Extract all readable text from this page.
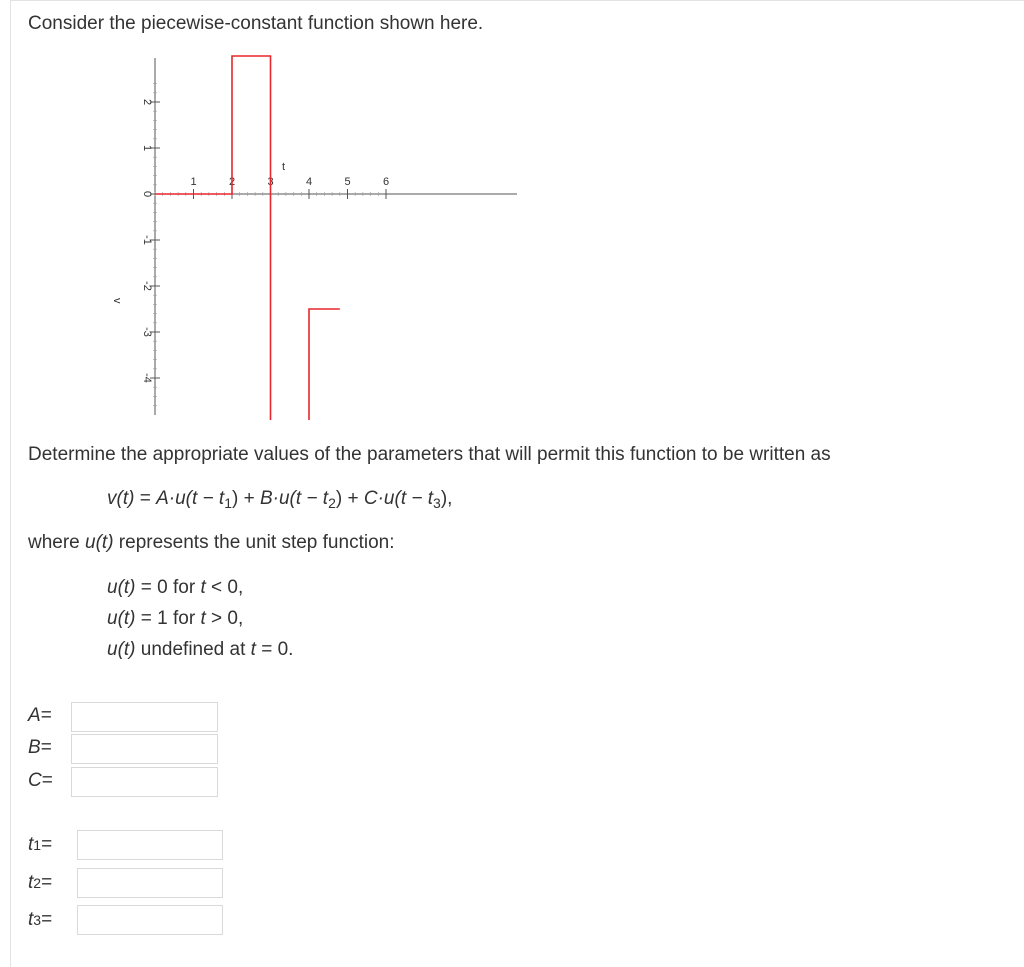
Consider the piecewise-constant function shown here.

2
1
0
-1
-2
-3
-4
1	2	3	4	5	6
t
v

Determine the appropriate values of the parameters that will permit this function to be written as

$v(t) = A\cdot u(t - t_1) + B\cdot u(t - t_2) + C\cdot u(t - t_3)$,

where u(t) represents the unit step function:

u(t) = 0 for t < 0,
u(t) = 1 for t > 0,
u(t) undefined at t = 0.
A =
B =
C =
t 1 =
t 2 =
t 3 =
